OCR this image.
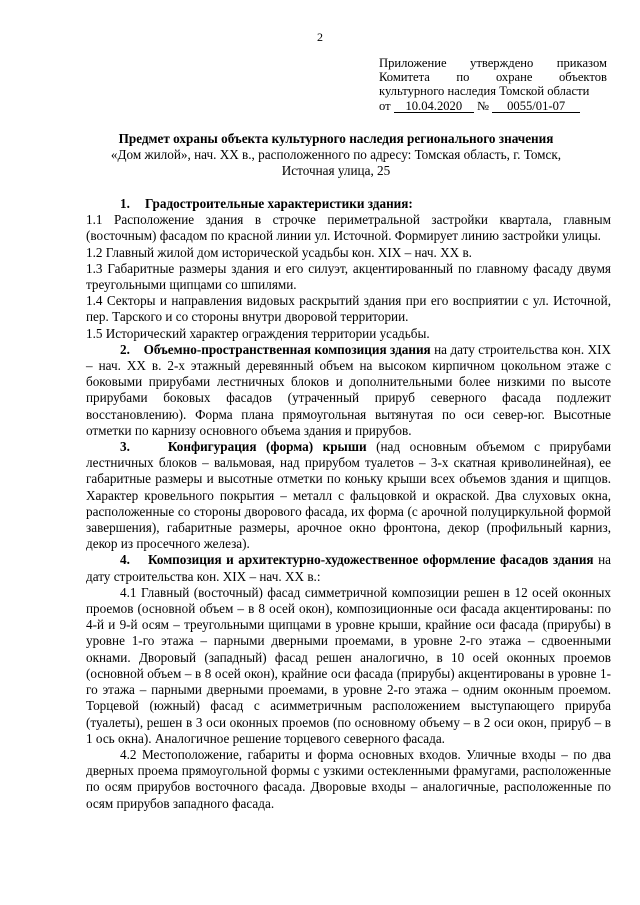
2
Приложение утверждено приказом
Комитета по охране объектов
культурного наследия Томской области
от 10.04.2020 № 0055/01-07
Предмет охраны объекта культурного наследия регионального значения
«Дом жилой», нач. XX в., расположенного по адресу: Томская область, г. Томск,
Источная улица, 25

1. Градостроительные характеристики здания:

1.1 Расположение здания в строчке периметральной застройки квартала, главным (восточным) фасадом по красной линии ул. Источной. Формирует линию застройки улицы.

1.2 Главный жилой дом исторической усадьбы кон. XIX – нач. XX в.

1.3 Габаритные размеры здания и его силуэт, акцентированный по главному фасаду двумя треугольными щипцами со шпилями.

1.4 Секторы и направления видовых раскрытий здания при его восприятии с ул. Источной, пер. Тарского и со стороны внутри дворовой территории.

1.5 Исторический характер ограждения территории усадьбы.

2. Объемно-пространственная композиция здания на дату строительства кон. XIX – нач. XX в. 2-х этажный деревянный объем на высоком кирпичном цокольном этаже с боковыми прирубами лестничных блоков и дополнительными более низкими по высоте прирубами боковых фасадов (утраченный прируб северного фасада подлежит восстановлению). Форма плана прямоугольная вытянутая по оси север-юг. Высотные отметки по карнизу основного объема здания и прирубов.

3.	Конфигурация (форма) крыши (над основным объемом с прирубами лестничных блоков – вальмовая, над прирубом туалетов – 3-х скатная криволинейная), ее габаритные размеры и высотные отметки по коньку крыши всех объемов здания и щипцов. Характер кровельного покрытия – металл с фальцовкой и окраской. Два слуховых окна, расположенные со стороны дворового фасада, их форма (с арочной полуциркульной формой завершения), габаритные размеры, арочное окно фронтона, декор (профильный карниз, декор из просечного железа).

4. Композиция и архитектурно-художественное оформление фасадов здания на дату строительства кон. XIX – нач. XX в.:

4.1 Главный (восточный) фасад симметричной композиции решен в 12 осей оконных проемов (основной объем – в 8 осей окон), композиционные оси фасада акцентированы: по 4-й и 9-й осям – треугольными щипцами в уровне крыши, крайние оси фасада (прирубы) в уровне 1-го этажа – парными дверными проемами, в уровне 2-го этажа – сдвоенными окнами. Дворовый (западный) фасад решен аналогично, в 10 осей оконных проемов (основной объем – в 8 осей окон), крайние оси фасада (прирубы) акцентированы в уровне 1-го этажа – парными дверными проемами, в уровне 2-го этажа – одним оконным проемом. Торцевой (южный) фасад с асимметричным расположением выступающего прируба (туалеты), решен в 3 оси оконных проемов (по основному объему – в 2 оси окон, прируб – в 1 ось окна). Аналогичное решение торцевого северного фасада.

4.2 Местоположение, габариты и форма основных входов. Уличные входы – по два дверных проема прямоугольной формы с узкими остекленными фрамугами, расположенные по осям прирубов восточного фасада. Дворовые входы – аналогичные, расположенные по осям прирубов западного фасада.
